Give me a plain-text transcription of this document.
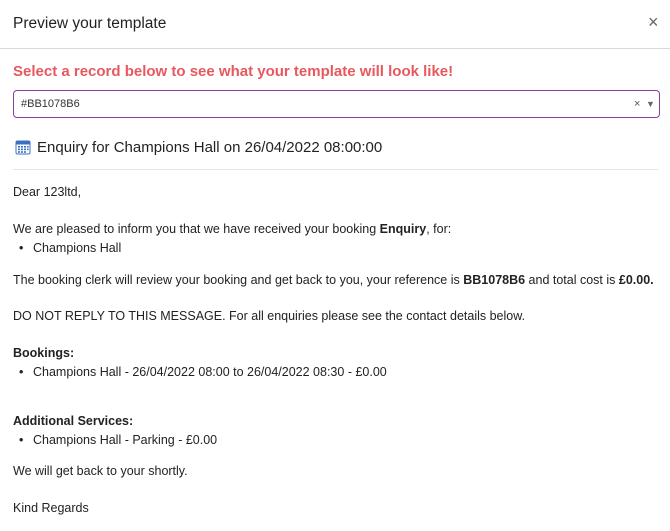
Preview your template	×
Select a record below to see what your template will look like!
#BB1078B6	× ▼
Enquiry for Champions Hall on 26/04/2022 08:00:00
Dear 123ltd,
We are pleased to inform you that we have received your booking Enquiry, for:
• Champions Hall
The booking clerk will review your booking and get back to you, your reference is BB1078B6 and total cost is £0.00.
DO NOT REPLY TO THIS MESSAGE. For all enquiries please see the contact details below.
Bookings:
• Champions Hall - 26/04/2022 08:00 to 26/04/2022 08:30 - £0.00
Additional Services:
• Champions Hall - Parking - £0.00
We will get back to your shortly.
Kind Regards
